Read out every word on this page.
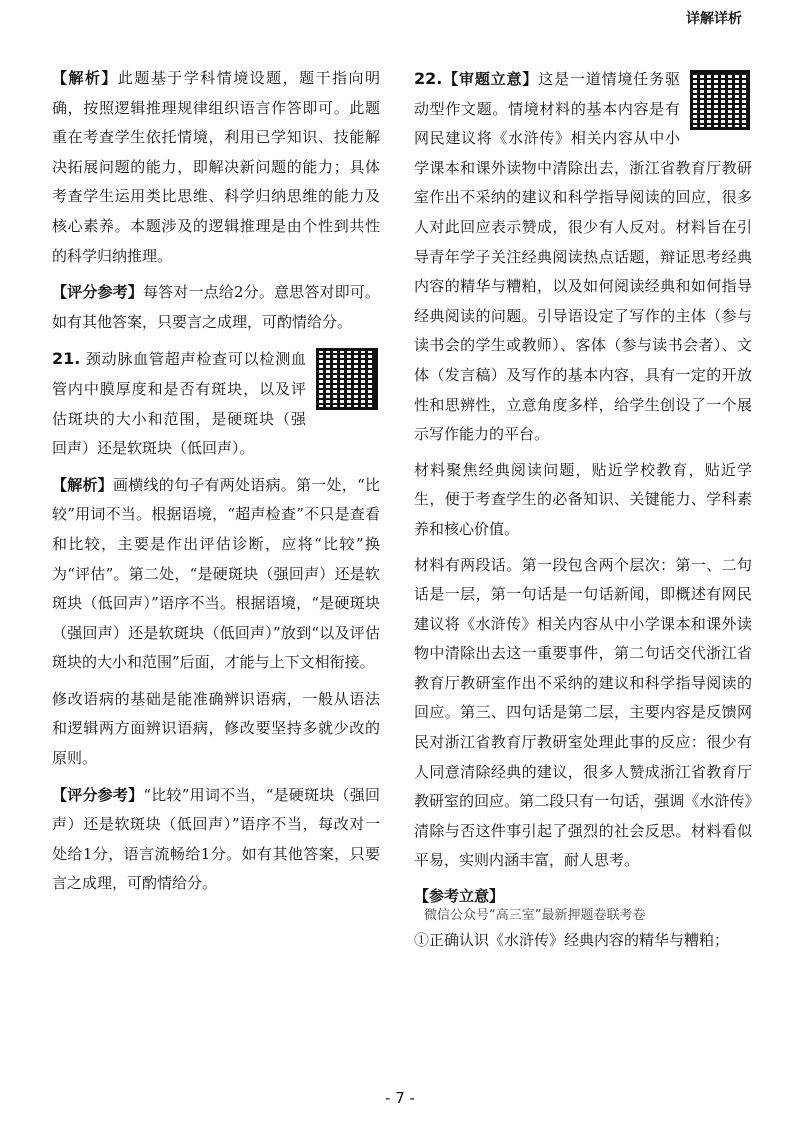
详解详析

【解析】此题基于学科情境设题，题干指向明确，按照逻辑推理规律组织语言作答即可。此题重在考查学生依托情境，利用已学知识、技能解决拓展问题的能力，即解决新问题的能力；具体考查学生运用类比思维、科学归纳思维的能力及核心素养。本题涉及的逻辑推理是由个性到共性的科学归纳推理。

【评分参考】每答对一点给2分。意思答对即可。如有其他答案，只要言之成理，可酌情给分。

21. 颈动脉血管超声检查可以检测血管内中膜厚度和是否有斑块，以及评估斑块的大小和范围，是硬斑块（强回声）还是软斑块（低回声）。

【解析】画横线的句子有两处语病。第一处，“比较”用词不当。根据语境，“超声检查”不只是查看和比较，主要是作出评估诊断，应将“比较”换为“评估”。第二处，“是硬斑块（强回声）还是软斑块（低回声）”语序不当。根据语境，“是硬斑块（强回声）还是软斑块（低回声）”放到“以及评估斑块的大小和范围”后面，才能与上下文相衔接。

修改语病的基础是能准确辨识语病，一般从语法和逻辑两方面辨识语病，修改要坚持多就少改的原则。

【评分参考】“比较”用词不当，“是硬斑块（强回声）还是软斑块（低回声）”语序不当，每改对一处给1分，语言流畅给1分。如有其他答案，只要言之成理，可酌情给分。

22.【审题立意】这是一道情境任务驱动型作文题。情境材料的基本内容是有网民建议将《水浒传》相关内容从中小学课本和课外读物中清除出去，浙江省教育厅教研室作出不采纳的建议和科学指导阅读的回应，很多人对此回应表示赞成，很少有人反对。材料旨在引导青年学子关注经典阅读热点话题，辩证思考经典内容的精华与糟粕，以及如何阅读经典和如何指导经典阅读的问题。引导语设定了写作的主体（参与读书会的学生或教师）、客体（参与读书会者）、文体（发言稿）及写作的基本内容，具有一定的开放性和思辨性，立意角度多样，给学生创设了一个展示写作能力的平台。

材料聚焦经典阅读问题，贴近学校教育，贴近学生，便于考查学生的必备知识、关键能力、学科素养和核心价值。

材料有两段话。第一段包含两个层次：第一、二句话是一层，第一句话是一句话新闻，即概述有网民建议将《水浒传》相关内容从中小学课本和课外读物中清除出去这一重要事件，第二句话交代浙江省教育厅教研室作出不采纳的建议和科学指导阅读的回应。第三、四句话是第二层，主要内容是反馈网民对浙江省教育厅教研室处理此事的反应：很少有人同意清除经典的建议，很多人赞成浙江省教育厅教研室的回应。第二段只有一句话，强调《水浒传》清除与否这件事引起了强烈的社会反思。材料看似平易，实则内涵丰富，耐人思考。

【参考立意】
微信公众号“高三室”最新押题卷联考卷

①正确认识《水浒传》经典内容的精华与糟粕；

- 7 -
